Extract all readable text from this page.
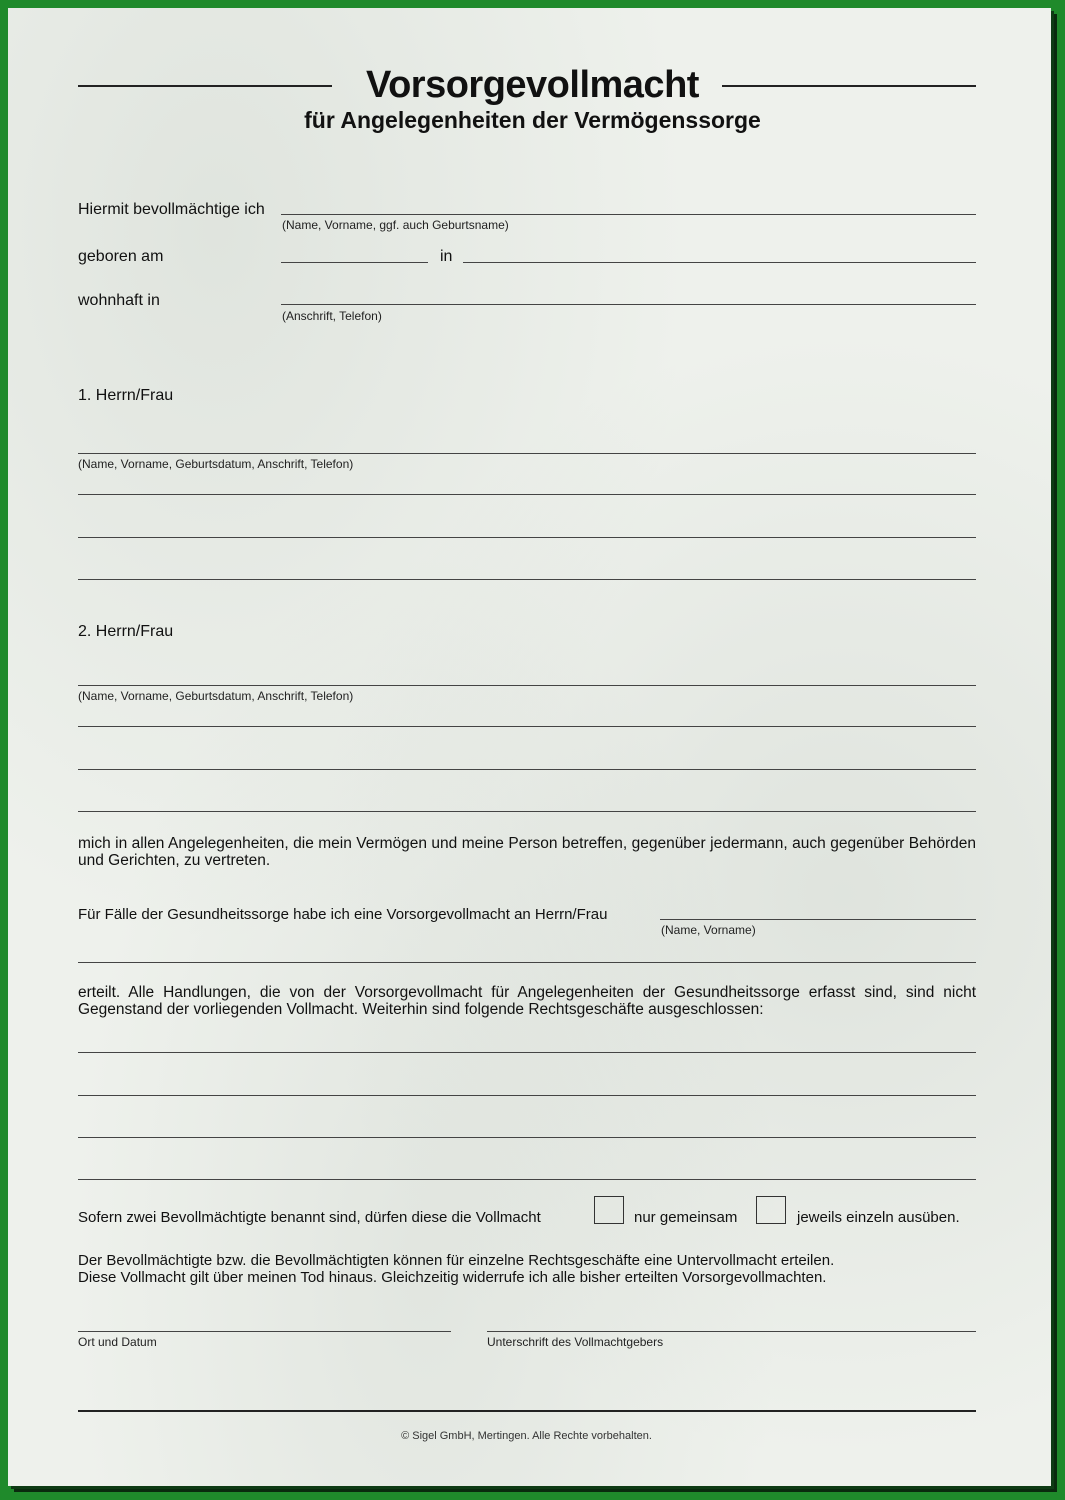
Vorsorgevollmacht
für Angelegenheiten der Vermögenssorge
Hiermit bevollmächtige ich
(Name, Vorname, ggf. auch Geburtsname)
geboren am	in
wohnhaft in
(Anschrift, Telefon)
1. Herrn/Frau
(Name, Vorname, Geburtsdatum, Anschrift, Telefon)
2. Herrn/Frau
(Name, Vorname, Geburtsdatum, Anschrift, Telefon)
mich in allen Angelegenheiten, die mein Vermögen und meine Person betreffen, gegenüber jedermann, auch gegenüber Behörden und Gerichten, zu vertreten.
Für Fälle der Gesundheitssorge habe ich eine Vorsorgevollmacht an Herrn/Frau
(Name, Vorname)
erteilt. Alle Handlungen, die von der Vorsorgevollmacht für Angelegenheiten der Gesundheitssorge erfasst sind, sind nicht Gegenstand der vorliegenden Vollmacht. Weiterhin sind folgende Rechtsgeschäfte ausgeschlossen:
Sofern zwei Bevollmächtigte benannt sind, dürfen diese die Vollmacht	nur gemeinsam	jeweils einzeln ausüben.
Der Bevollmächtigte bzw. die Bevollmächtigten können für einzelne Rechtsgeschäfte eine Untervollmacht erteilen.
Diese Vollmacht gilt über meinen Tod hinaus. Gleichzeitig widerrufe ich alle bisher erteilten Vorsorgevollmachten.
Ort und Datum	Unterschrift des Vollmachtgebers
© Sigel GmbH, Mertingen. Alle Rechte vorbehalten.
